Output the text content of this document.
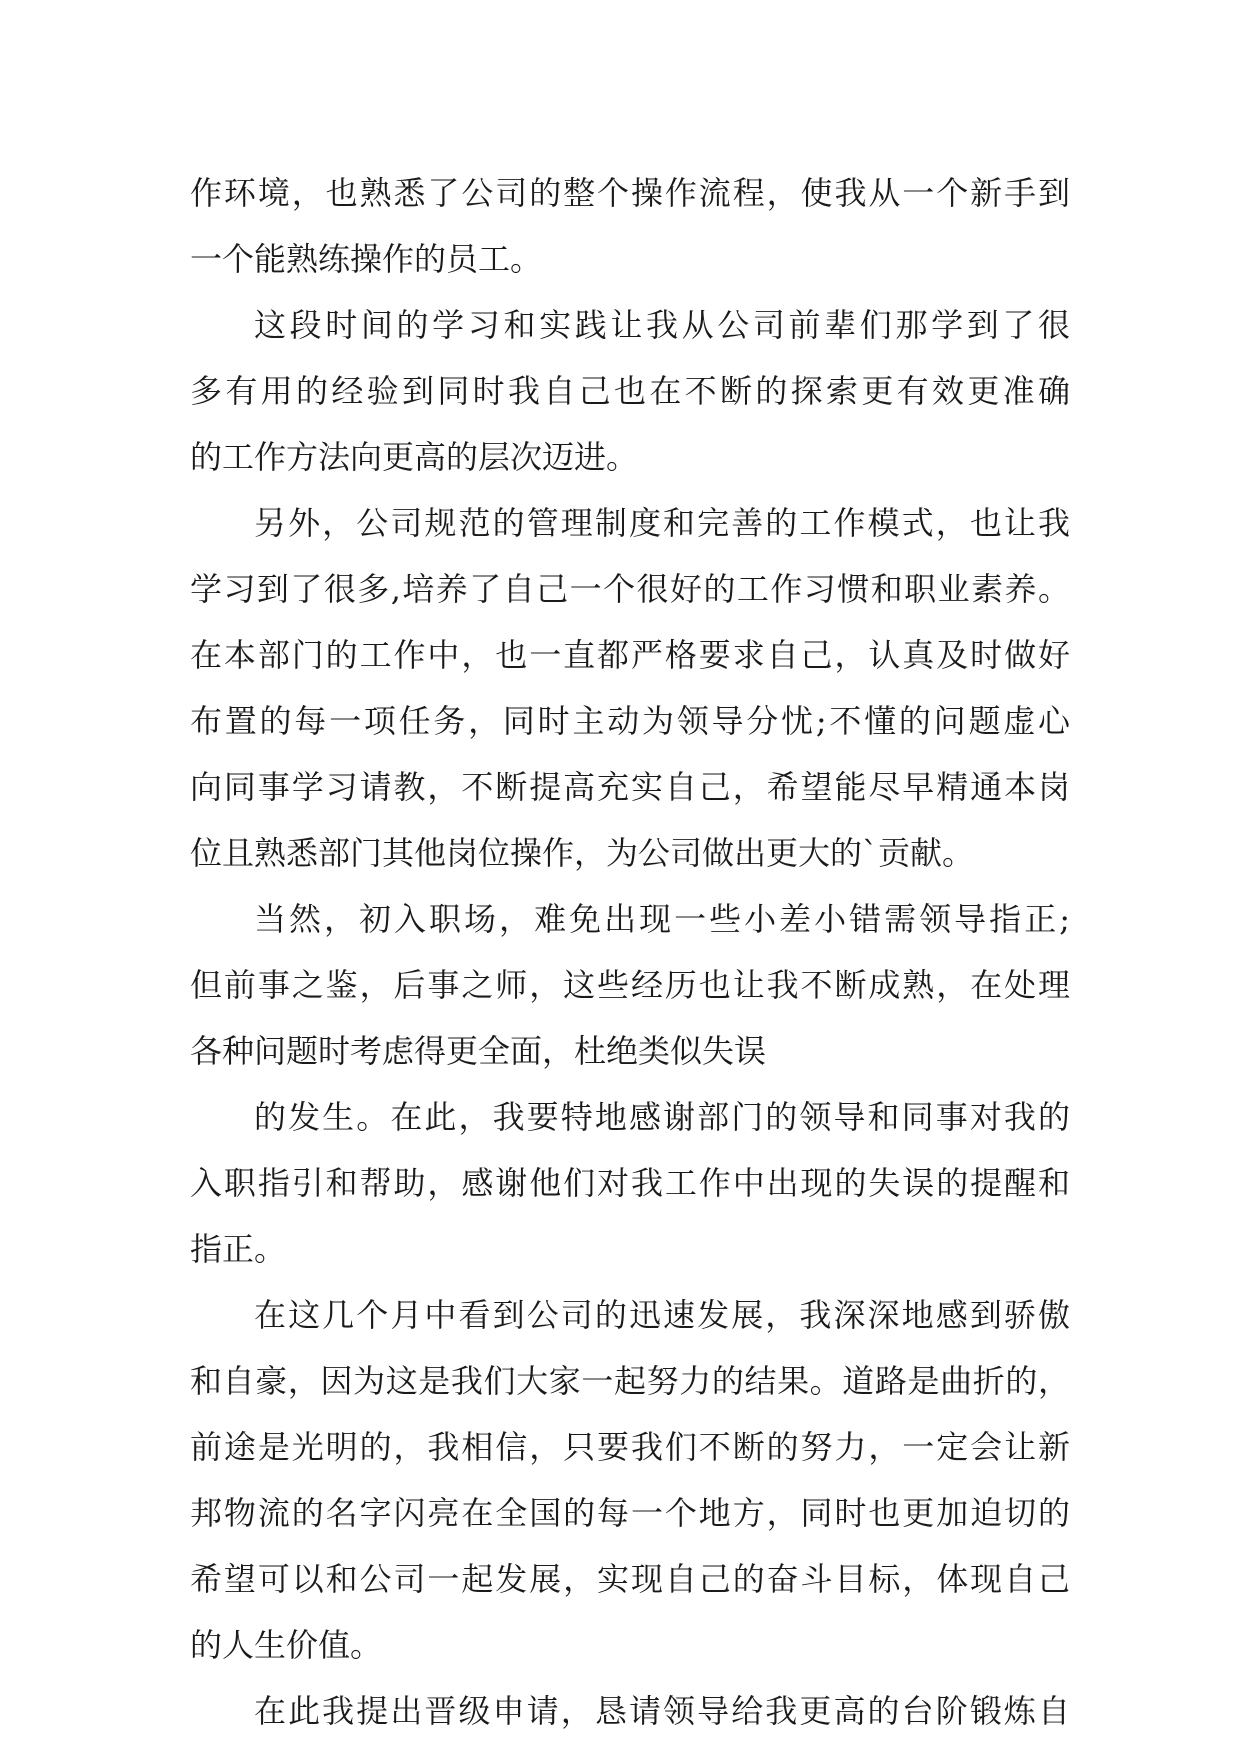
作环境，也熟悉了公司的整个操作流程，使我从一个新手到
一个能熟练操作的员工。
这段时间的学习和实践让我从公司前辈们那学到了很
多有用的经验到同时我自己也在不断的探索更有效更准确
的工作方法向更高的层次迈进。
另外，公司规范的管理制度和完善的工作模式，也让我
学习到了很多,培养了自己一个很好的工作习惯和职业素养。
在本部门的工作中，也一直都严格要求自己，认真及时做好
布置的每一项任务，同时主动为领导分忧;不懂的问题虚心
向同事学习请教，不断提高充实自己，希望能尽早精通本岗
位且熟悉部门其他岗位操作，为公司做出更大的`贡献。
当然，初入职场，难免出现一些小差小错需领导指正;
但前事之鉴，后事之师，这些经历也让我不断成熟，在处理
各种问题时考虑得更全面，杜绝类似失误
的发生。在此，我要特地感谢部门的领导和同事对我的
入职指引和帮助，感谢他们对我工作中出现的失误的提醒和
指正。
在这几个月中看到公司的迅速发展，我深深地感到骄傲
和自豪，因为这是我们大家一起努力的结果。道路是曲折的，
前途是光明的，我相信，只要我们不断的努力，一定会让新
邦物流的名字闪亮在全国的每一个地方，同时也更加迫切的
希望可以和公司一起发展，实现自己的奋斗目标，体现自己
的人生价值。
在此我提出晋级申请，恳请领导给我更高的台阶锻炼自
